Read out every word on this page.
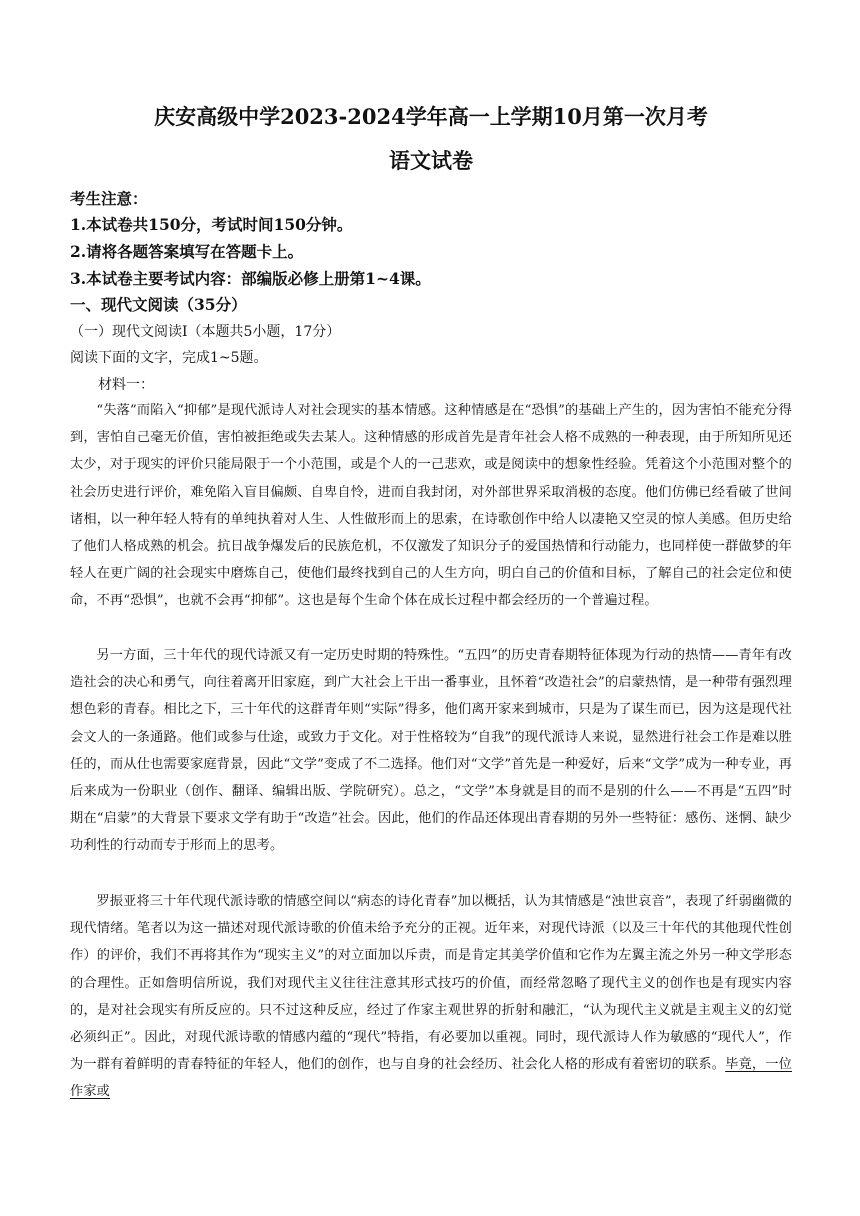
庆安高级中学2023-2024学年高一上学期10月第一次月考
语文试卷
考生注意：
1.本试卷共150分，考试时间150分钟。
2.请将各题答案填写在答题卡上。
3.本试卷主要考试内容：部编版必修上册第1~4课。
一、现代文阅读（35分）
（一）现代文阅读Ⅰ（本题共5小题，17分）
阅读下面的文字，完成1~5题。
材料一：
“失落”而陷入“抑郁”是现代派诗人对社会现实的基本情感。这种情感是在“恐惧”的基础上产生的，因为害怕不能充分得到，害怕自己毫无价值，害怕被拒绝或失去某人。这种情感的形成首先是青年社会人格不成熟的一种表现，由于所知所见还太少，对于现实的评价只能局限于一个小范围，或是个人的一己悲欢，或是阅读中的想象性经验。凭着这个小范围对整个的社会历史进行评价，难免陷入盲目偏颇、自卑自怜，进而自我封闭，对外部世界采取消极的态度。他们仿佛已经看破了世间诸相，以一种年轻人特有的单纯执着对人生、人性做形而上的思索，在诗歌创作中给人以凄艳又空灵的惊人美感。但历史给了他们人格成熟的机会。抗日战争爆发后的民族危机，不仅激发了知识分子的爱国热情和行动能力，也同样使一群做梦的年轻人在更广阔的社会现实中磨炼自己，使他们最终找到自己的人生方向，明白自己的价值和目标，了解自己的社会定位和使命，不再“恐惧”，也就不会再“抑郁”。这也是每个生命个体在成长过程中都会经历的一个普遍过程。
另一方面，三十年代的现代诗派又有一定历史时期的特殊性。“五四”的历史青春期特征体现为行动的热情——青年有改造社会的决心和勇气，向往着离开旧家庭，到广大社会上干出一番事业，且怀着“改造社会”的启蒙热情，是一种带有强烈理想色彩的青春。相比之下，三十年代的这群青年则“实际”得多，他们离开家来到城市，只是为了谋生而已，因为这是现代社会文人的一条通路。他们或参与仕途，或致力于文化。对于性格较为“自我”的现代派诗人来说，显然进行社会工作是难以胜任的，而从仕也需要家庭背景，因此“文学”变成了不二选择。他们对“文学”首先是一种爱好，后来“文学”成为一种专业，再后来成为一份职业（创作、翻译、编辑出版、学院研究）。总之，“文学”本身就是目的而不是别的什么——不再是“五四”时期在“启蒙”的大背景下要求文学有助于“改造”社会。因此，他们的作品还体现出青春期的另外一些特征：感伤、迷惘、缺少功利性的行动而专于形而上的思考。
罗振亚将三十年代现代派诗歌的情感空间以“病态的诗化青春”加以概括，认为其情感是“浊世哀音”，表现了纤弱幽微的现代情绪。笔者以为这一描述对现代派诗歌的价值未给予充分的正视。近年来，对现代诗派（以及三十年代的其他现代性创作）的评价，我们不再将其作为“现实主义”的对立面加以斥责，而是肯定其美学价值和它作为左翼主流之外另一种文学形态的合理性。正如詹明信所说，我们对现代主义往往注意其形式技巧的价值，而经常忽略了现代主义的创作也是有现实内容的，是对社会现实有所反应的。只不过这种反应，经过了作家主观世界的折射和融汇，“认为现代主义就是主观主义的幻觉必须纠正”。因此，对现代派诗歌的情感内蕴的“现代”特指，有必要加以重视。同时，现代派诗人作为敏感的“现代人”，作为一群有着鲜明的青春特征的年轻人，他们的创作，也与自身的社会经历、社会化人格的形成有着密切的联系。毕竟，一位作家或
